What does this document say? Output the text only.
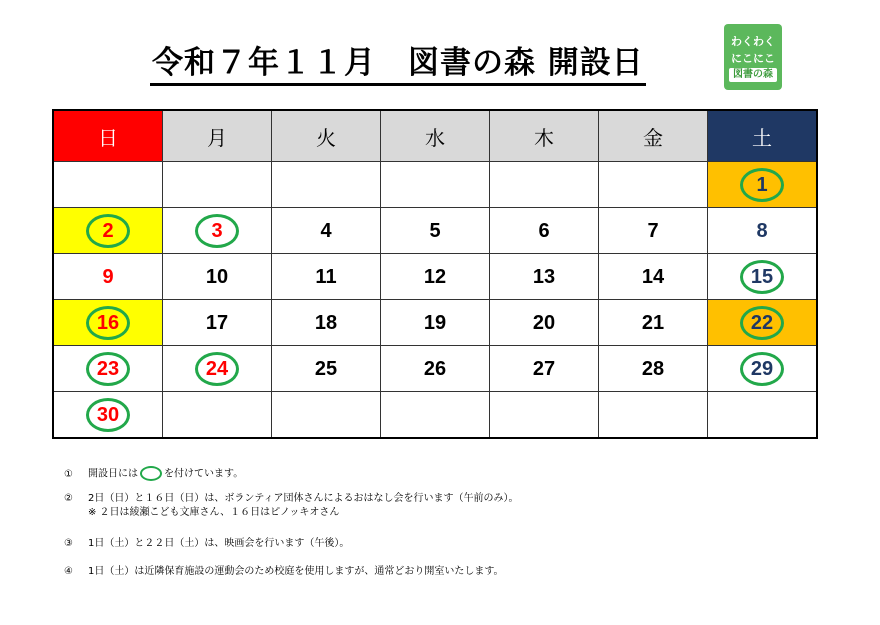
令和７年１１月　図書の森 開設日
わくわく
にこにこ
図書の森
日	月	火	水	木	金	土
						1
2	3	4	5	6	7	8
9	10	11	12	13	14	15
16	17	18	19	20	21	22
23	24	25	26	27	28	29
30						
① 開設日には	を付けています。
② 2日（日）と１６日（日）は、ボランティア団体さんによるおはなし会を行います（午前のみ）。
※ ２日は綾瀬こども文庫さん、１６日はピノッキオさん
③ 1日（土）と２２日（土）は、映画会を行います（午後）。
④ 1日（土）は近隣保育施設の運動会のため校庭を使用しますが、通常どおり開室いたします。
